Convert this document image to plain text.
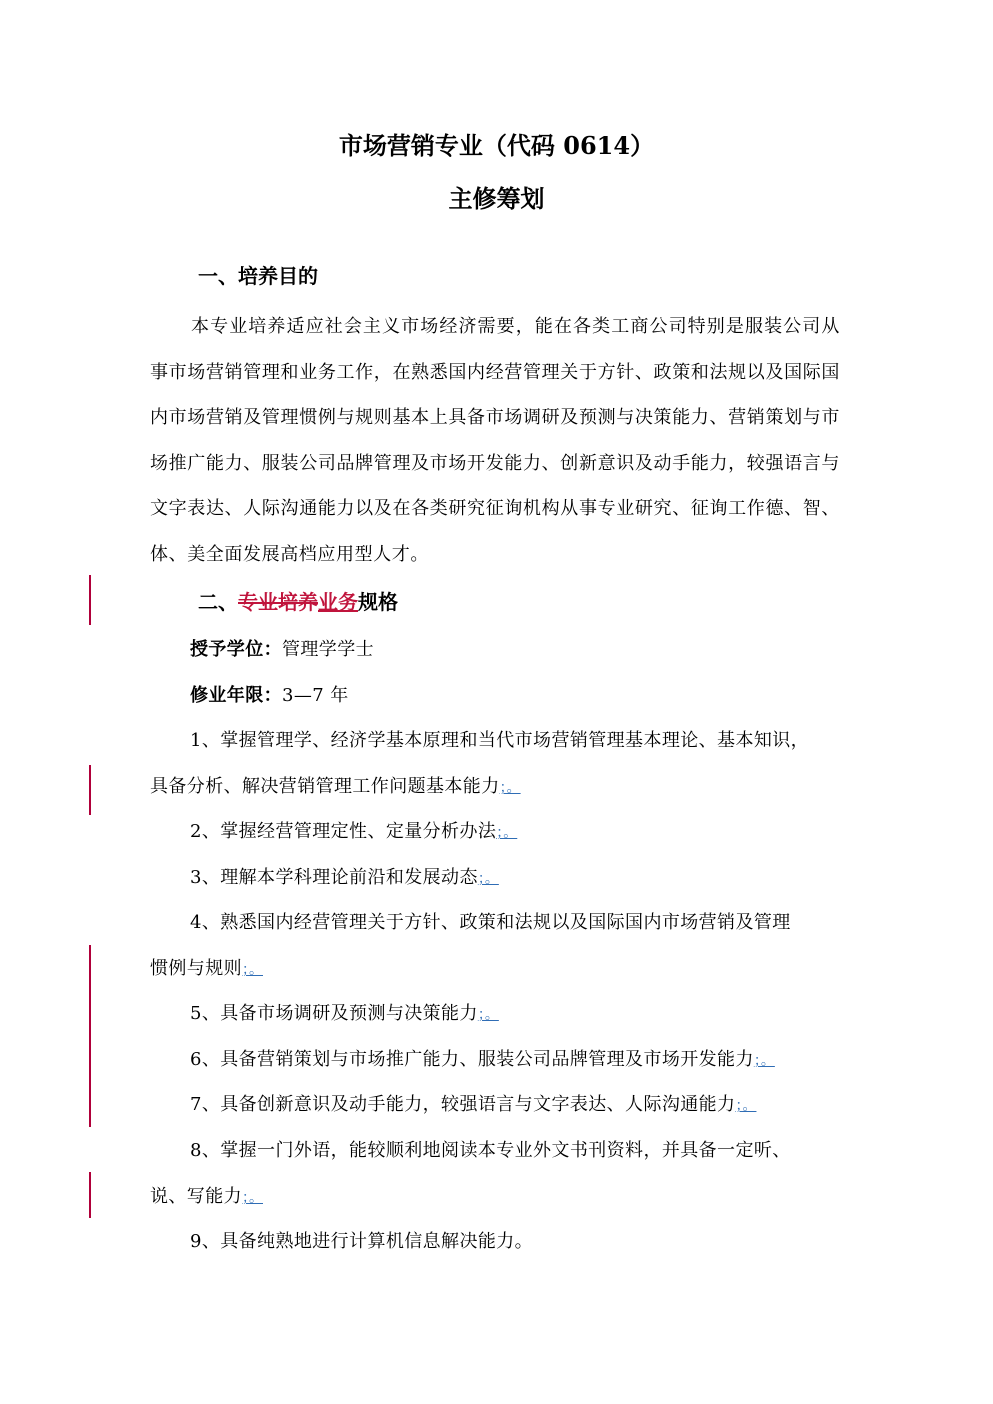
市场营销专业（代码 0614）
主修筹划
一、培养目的
本专业培养适应社会主义市场经济需要，能在各类工商公司特别是服装公司从事市场营销管理和业务工作，在熟悉国内经营管理关于方针、政策和法规以及国际国内市场营销及管理惯例与规则基本上具备市场调研及预测与决策能力、营销策划与市场推广能力、服装公司品牌管理及市场开发能力、创新意识及动手能力，较强语言与文字表达、人际沟通能力以及在各类研究征询机构从事专业研究、征询工作德、智、体、美全面发展高档应用型人才。
二、专业培养业务规格
授予学位：管理学学士
修业年限：3—7 年
1、掌握管理学、经济学基本原理和当代市场营销管理基本理论、基本知识，
具备分析、解决营销管理工作问题基本能力；。
2、掌握经营管理定性、定量分析办法；。
3、理解本学科理论前沿和发展动态；。
4、熟悉国内经营管理关于方针、政策和法规以及国际国内市场营销及管理
惯例与规则；。
5、具备市场调研及预测与决策能力；。
6、具备营销策划与市场推广能力、服装公司品牌管理及市场开发能力；。
7、具备创新意识及动手能力，较强语言与文字表达、人际沟通能力；。
8、掌握一门外语，能较顺利地阅读本专业外文书刊资料，并具备一定听、
说、写能力；。
9、具备纯熟地进行计算机信息解决能力。
